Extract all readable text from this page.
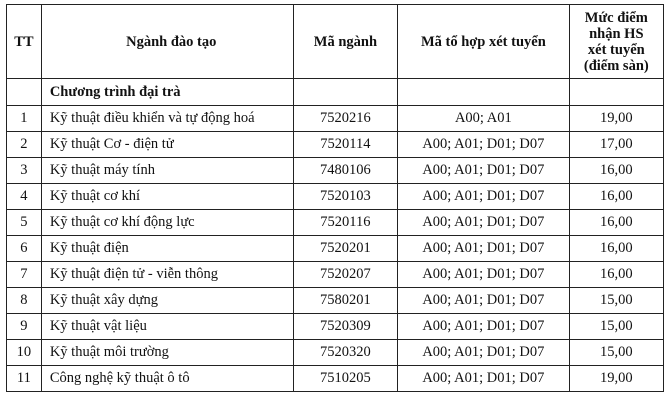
TT	Ngành đào tạo	Mã ngành	Mã tổ hợp xét tuyển	Mức điểm
nhận HS
xét tuyển
(điểm sàn)

	Chương trình đại trà			
1	Kỹ thuật điều khiển và tự động hoá	7520216	A00; A01	19,00
2	Kỹ thuật Cơ - điện tử	7520114	A00; A01; D01; D07	17,00
3	Kỹ thuật máy tính	7480106	A00; A01; D01; D07	16,00
4	Kỹ thuật cơ khí	7520103	A00; A01; D01; D07	16,00
5	Kỹ thuật cơ khí động lực	7520116	A00; A01; D01; D07	16,00
6	Kỹ thuật điện	7520201	A00; A01; D01; D07	16,00
7	Kỹ thuật điện tử - viễn thông	7520207	A00; A01; D01; D07	16,00
8	Kỹ thuật xây dựng	7580201	A00; A01; D01; D07	15,00
9	Kỹ thuật vật liệu	7520309	A00; A01; D01; D07	15,00
10	Kỹ thuật môi trường	7520320	A00; A01; D01; D07	15,00
11	Công nghệ kỹ thuật ô tô	7510205	A00; A01; D01; D07	19,00
